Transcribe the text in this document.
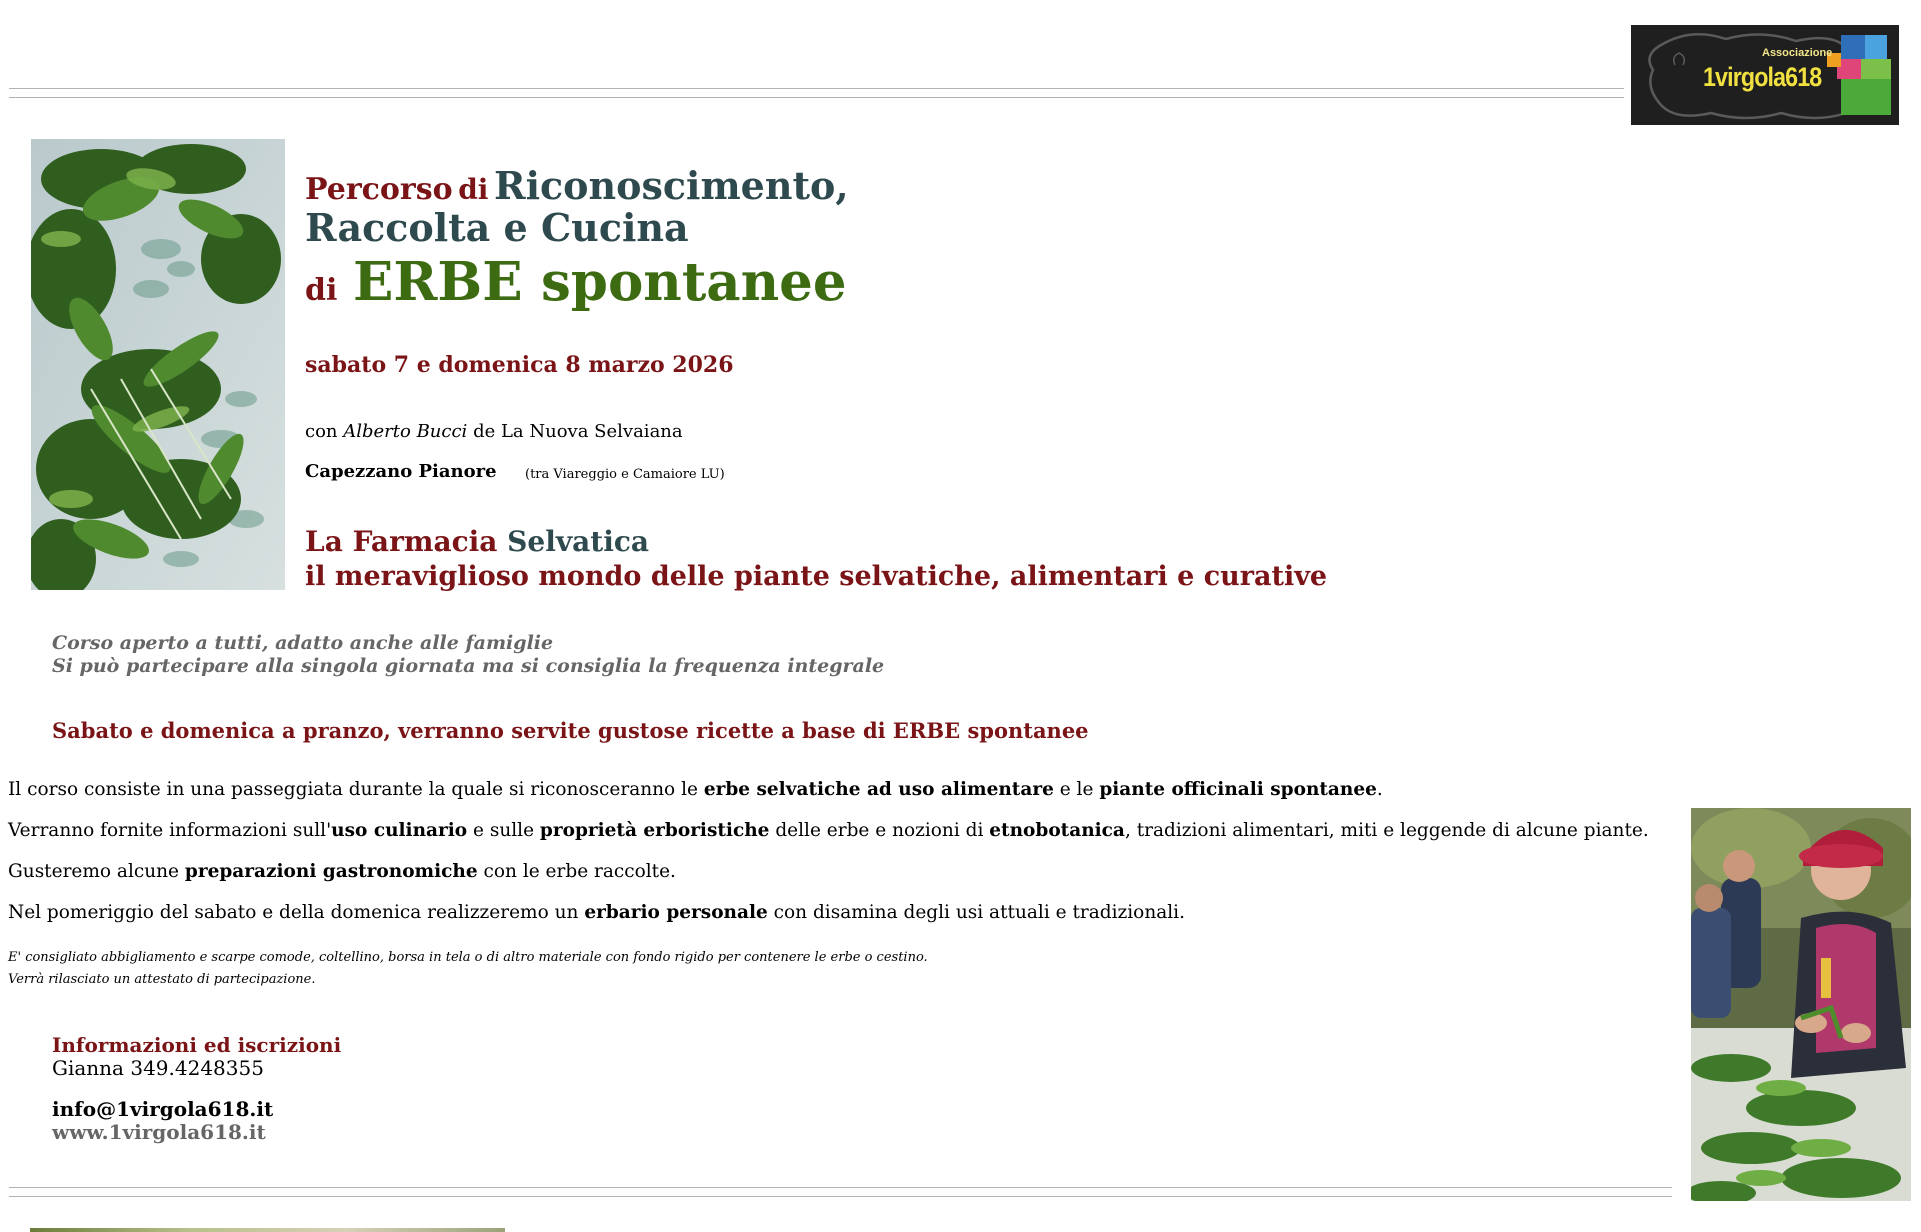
Associazione
1virgola618
Percorso di Riconoscimento,
Raccolta e Cucina
di ERBE spontanee
sabato 7 e domenica 8 marzo 2026
con Alberto Bucci de La Nuova Selvaiana
Capezzano Pianore (tra Viareggio e Camaiore LU)
La Farmacia Selvatica
il meraviglioso mondo delle piante selvatiche, alimentari e curative
Corso aperto a tutti, adatto anche alle famiglie
Si può partecipare alla singola giornata ma si consiglia la frequenza integrale
Sabato e domenica a pranzo, verranno servite gustose ricette a base di ERBE spontanee
Il corso consiste in una passeggiata durante la quale si riconosceranno le erbe selvatiche ad uso alimentare e le piante officinali spontanee.
Verranno fornite informazioni sull'uso culinario e sulle proprietà erboristiche delle erbe e nozioni di etnobotanica, tradizioni alimentari, miti e leggende di alcune piante.
Gusteremo alcune preparazioni gastronomiche con le erbe raccolte.
Nel pomeriggio del sabato e della domenica realizzeremo un erbario personale con disamina degli usi attuali e tradizionali.
E' consigliato abbigliamento e scarpe comode, coltellino, borsa in tela o di altro materiale con fondo rigido per contenere le erbe o cestino.
Verrà rilasciato un attestato di partecipazione.
Informazioni ed iscrizioni
Gianna 349.4248355
info@1virgola618.it
www.1virgola618.it
